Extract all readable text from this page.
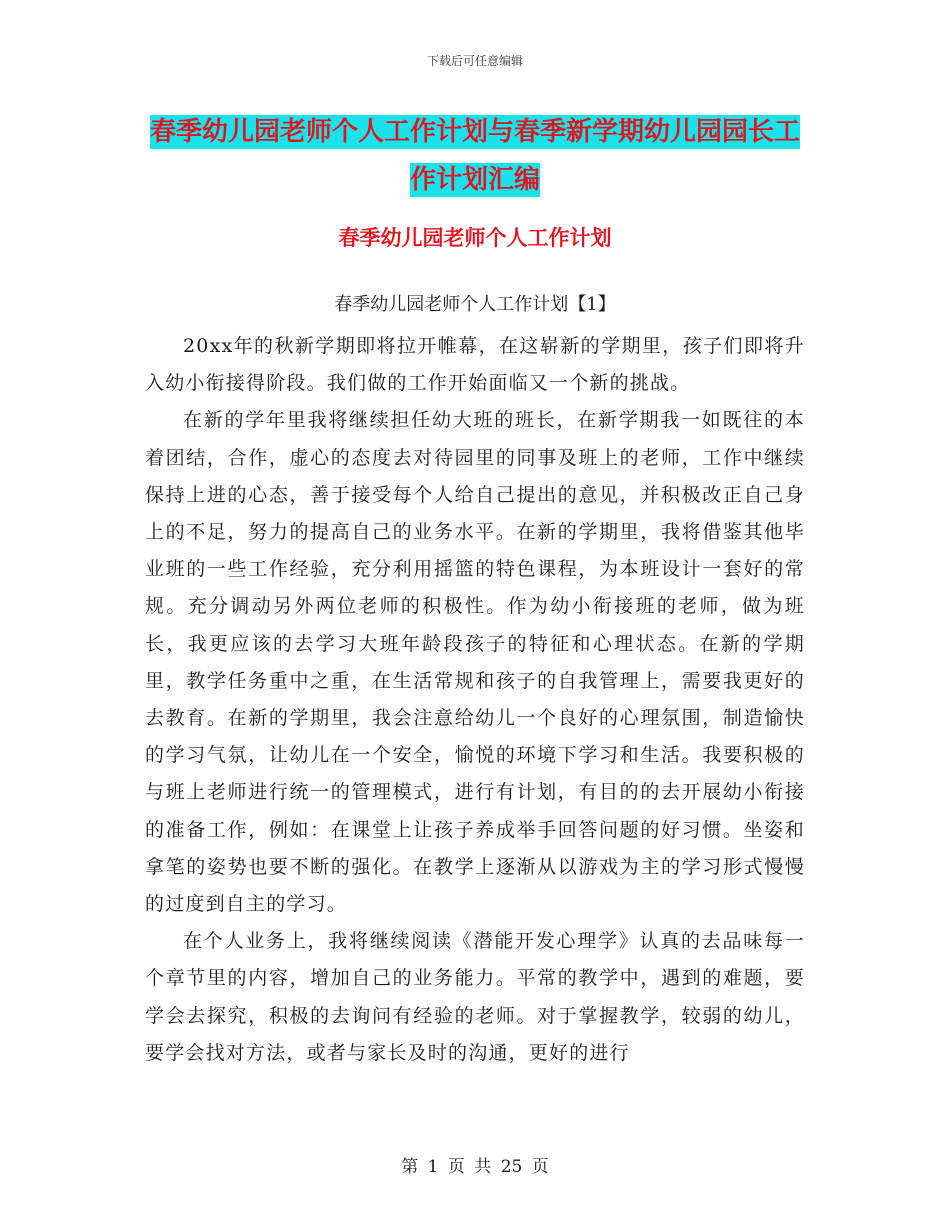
下载后可任意编辑
春季幼儿园老师个人工作计划与春季新学期幼儿园园长工作计划汇编
春季幼儿园老师个人工作计划
春季幼儿园老师个人工作计划【1】

20xx年的秋新学期即将拉开帷幕，在这崭新的学期里，孩子们即将升入幼小衔接得阶段。我们做的工作开始面临又一个新的挑战。

在新的学年里我将继续担任幼大班的班长，在新学期我一如既往的本着团结，合作，虚心的态度去对待园里的同事及班上的老师，工作中继续保持上进的心态，善于接受每个人给自己提出的意见，并积极改正自己身上的不足，努力的提高自己的业务水平。在新的学期里，我将借鉴其他毕业班的一些工作经验，充分利用摇篮的特色课程，为本班设计一套好的常规。充分调动另外两位老师的积极性。作为幼小衔接班的老师，做为班长，我更应该的去学习大班年龄段孩子的特征和心理状态。在新的学期里，教学任务重中之重，在生活常规和孩子的自我管理上，需要我更好的去教育。在新的学期里，我会注意给幼儿一个良好的心理氛围，制造愉快的学习气氛，让幼儿在一个安全，愉悦的环境下学习和生活。我要积极的与班上老师进行统一的管理模式，进行有计划，有目的的去开展幼小衔接的准备工作，例如：在课堂上让孩子养成举手回答问题的好习惯。坐姿和拿笔的姿势也要不断的强化。在教学上逐渐从以游戏为主的学习形式慢慢的过度到自主的学习。

在个人业务上，我将继续阅读《潜能开发心理学》认真的去品味每一个章节里的内容，增加自己的业务能力。平常的教学中，遇到的难题，要学会去探究，积极的去询问有经验的老师。对于掌握教学，较弱的幼儿，要学会找对方法，或者与家长及时的沟通，更好的进行

第 1 页 共 25 页
